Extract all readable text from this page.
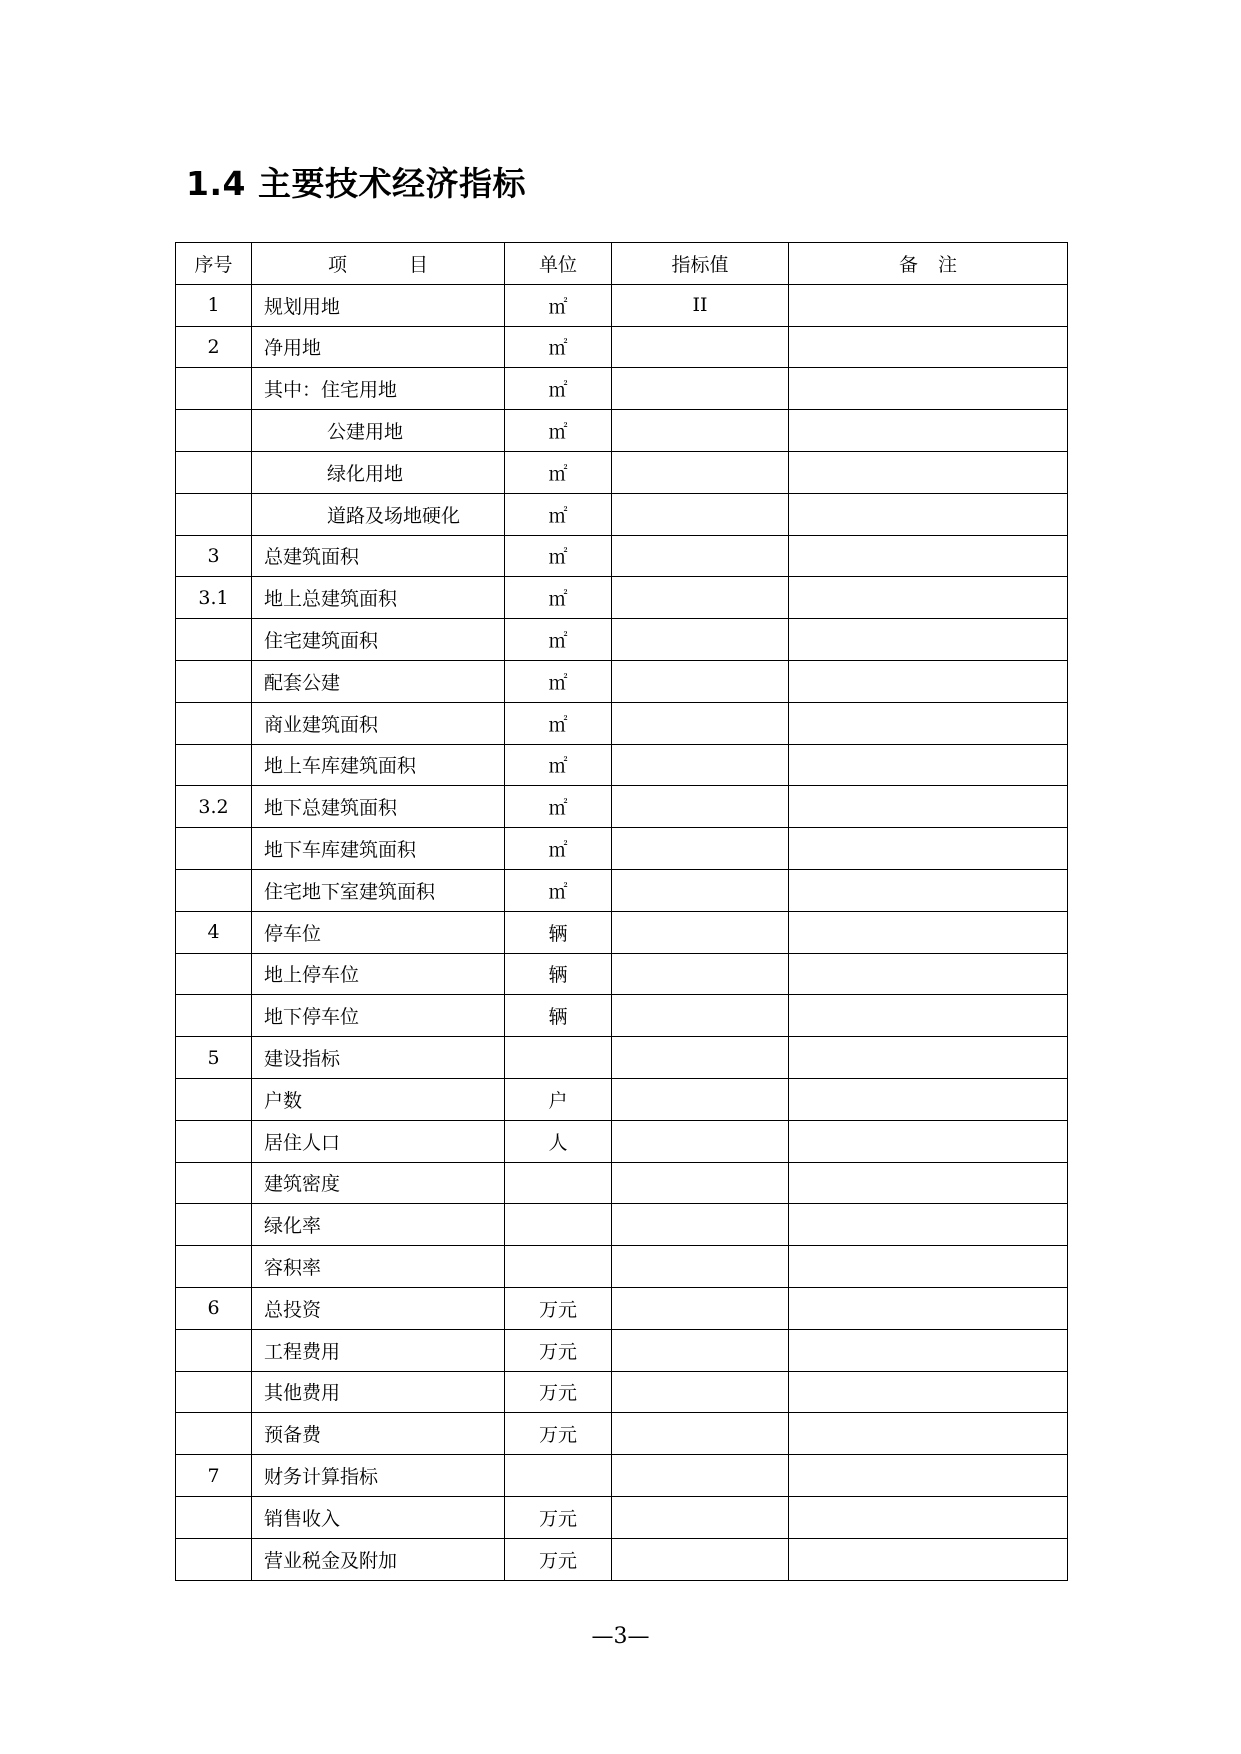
1.4 主要技术经济指标
序号	项 目	单位	指标值	备 注
1	规划用地	㎡	II	
2	净用地	㎡		
	其中：住宅用地	㎡		
	公建用地	㎡		
	绿化用地	㎡		
	道路及场地硬化	㎡		
3	总建筑面积	㎡		
3.1	地上总建筑面积	㎡		
	住宅建筑面积	㎡		
	配套公建	㎡		
	商业建筑面积	㎡		
	地上车库建筑面积	㎡		
3.2	地下总建筑面积	㎡		
	地下车库建筑面积	㎡		
	住宅地下室建筑面积	㎡		
4	停车位	辆		
	地上停车位	辆		
	地下停车位	辆		
5	建设指标			
	户数	户		
	居住人口	人		
	建筑密度			
	绿化率			
	容积率			
6	总投资	万元		
	工程费用	万元		
	其他费用	万元		
	预备费	万元		
7	财务计算指标			
	销售收入	万元		
	营业税金及附加	万元		
—3—
